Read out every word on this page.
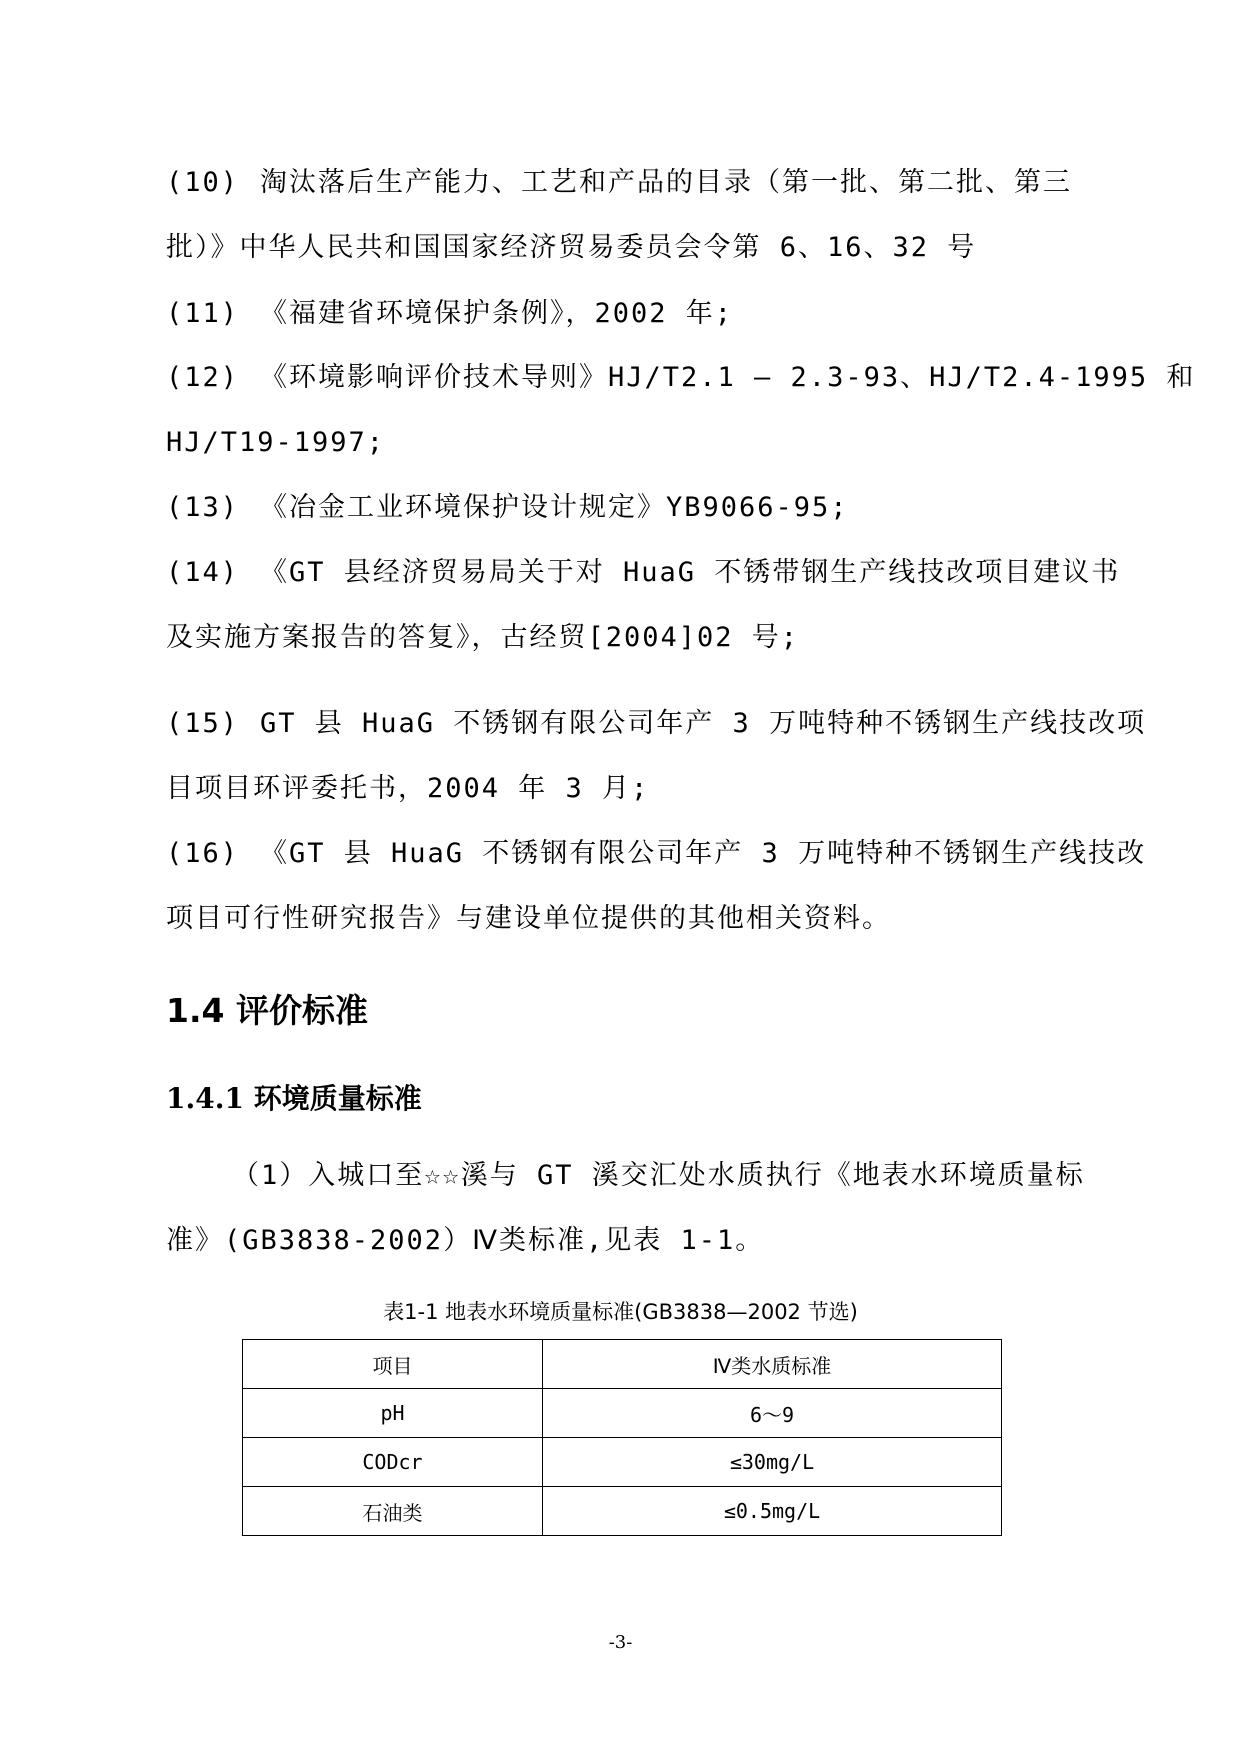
(10) 淘汰落后生产能力、工艺和产品的目录（第一批、第二批、第三
批）》中华人民共和国国家经济贸易委员会令第 6、16、32 号
(11) 《福建省环境保护条例》，2002 年;
(12) 《环境影响评价技术导则》HJ/T2.1 – 2.3-93、HJ/T2.4-1995 和
HJ/T19-1997;
(13) 《冶金工业环境保护设计规定》YB9066-95;
(14) 《GT 县经济贸易局关于对 HuaG 不锈带钢生产线技改项目建议书
及实施方案报告的答复》，古经贸[2004]02 号;
(15) GT 县 HuaG 不锈钢有限公司年产 3 万吨特种不锈钢生产线技改项
目项目环评委托书，2004 年 3 月;
(16) 《GT 县 HuaG 不锈钢有限公司年产 3 万吨特种不锈钢生产线技改
项目可行性研究报告》与建设单位提供的其他相关资料。
1.4 评价标准
1.4.1 环境质量标准
（1）入城口至☆☆溪与 GT 溪交汇处水质执行《地表水环境质量标
准》(GB3838-2002）Ⅳ类标准,见表 1-1。
表1-1 地表水环境质量标准(GB3838—2002 节选)
项目	Ⅳ类水质标准
pH	6～9
CODcr	≤30mg/L
石油类	≤0.5mg/L
-3-
